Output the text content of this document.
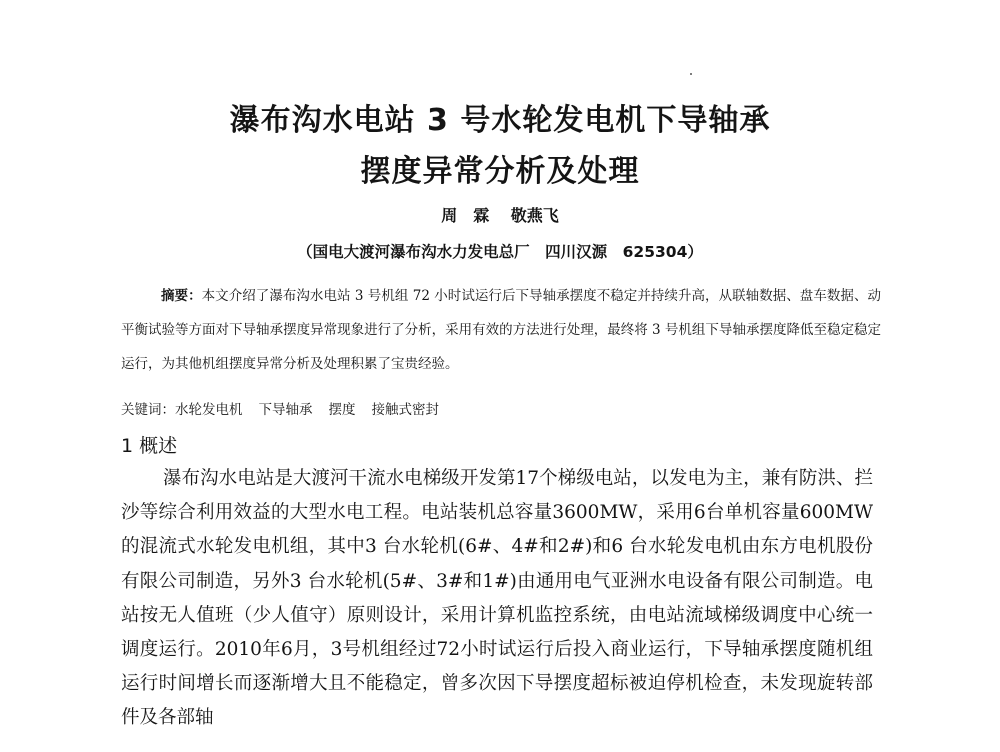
瀑布沟水电站 3 号水轮发电机下导轴承
摆度异常分析及处理
周　霖 敬燕飞
（国电大渡河瀑布沟水力发电总厂　四川汉源　625304）

摘要：本文介绍了瀑布沟水电站 3 号机组 72 小时试运行后下导轴承摆度不稳定并持续升高，从联轴数据、盘车数据、动平衡试验等方面对下导轴承摆度异常现象进行了分析，采用有效的方法进行处理，最终将 3 号机组下导轴承摆度降低至稳定稳定运行，为其他机组摆度异常分析及处理积累了宝贵经验。

关键词：水轮发电机 下导轴承 摆度 接触式密封
1 概述

瀑布沟水电站是大渡河干流水电梯级开发第17个梯级电站，以发电为主，兼有防洪、拦沙等综合利用效益的大型水电工程。电站装机总容量3600MW，采用6台单机容量600MW的混流式水轮发电机组，其中3 台水轮机(6#、4#和2#)和6 台水轮发电机由东方电机股份有限公司制造，另外3 台水轮机(5#、3#和1#)由通用电气亚洲水电设备有限公司制造。电站按无人值班（少人值守）原则设计，采用计算机监控系统，由电站流域梯级调度中心统一调度运行。2010年6月，3号机组经过72小时试运行后投入商业运行，下导轴承摆度随机组运行时间增长而逐渐增大且不能稳定，曾多次因下导摆度超标被迫停机检查，未发现旋转部件及各部轴
